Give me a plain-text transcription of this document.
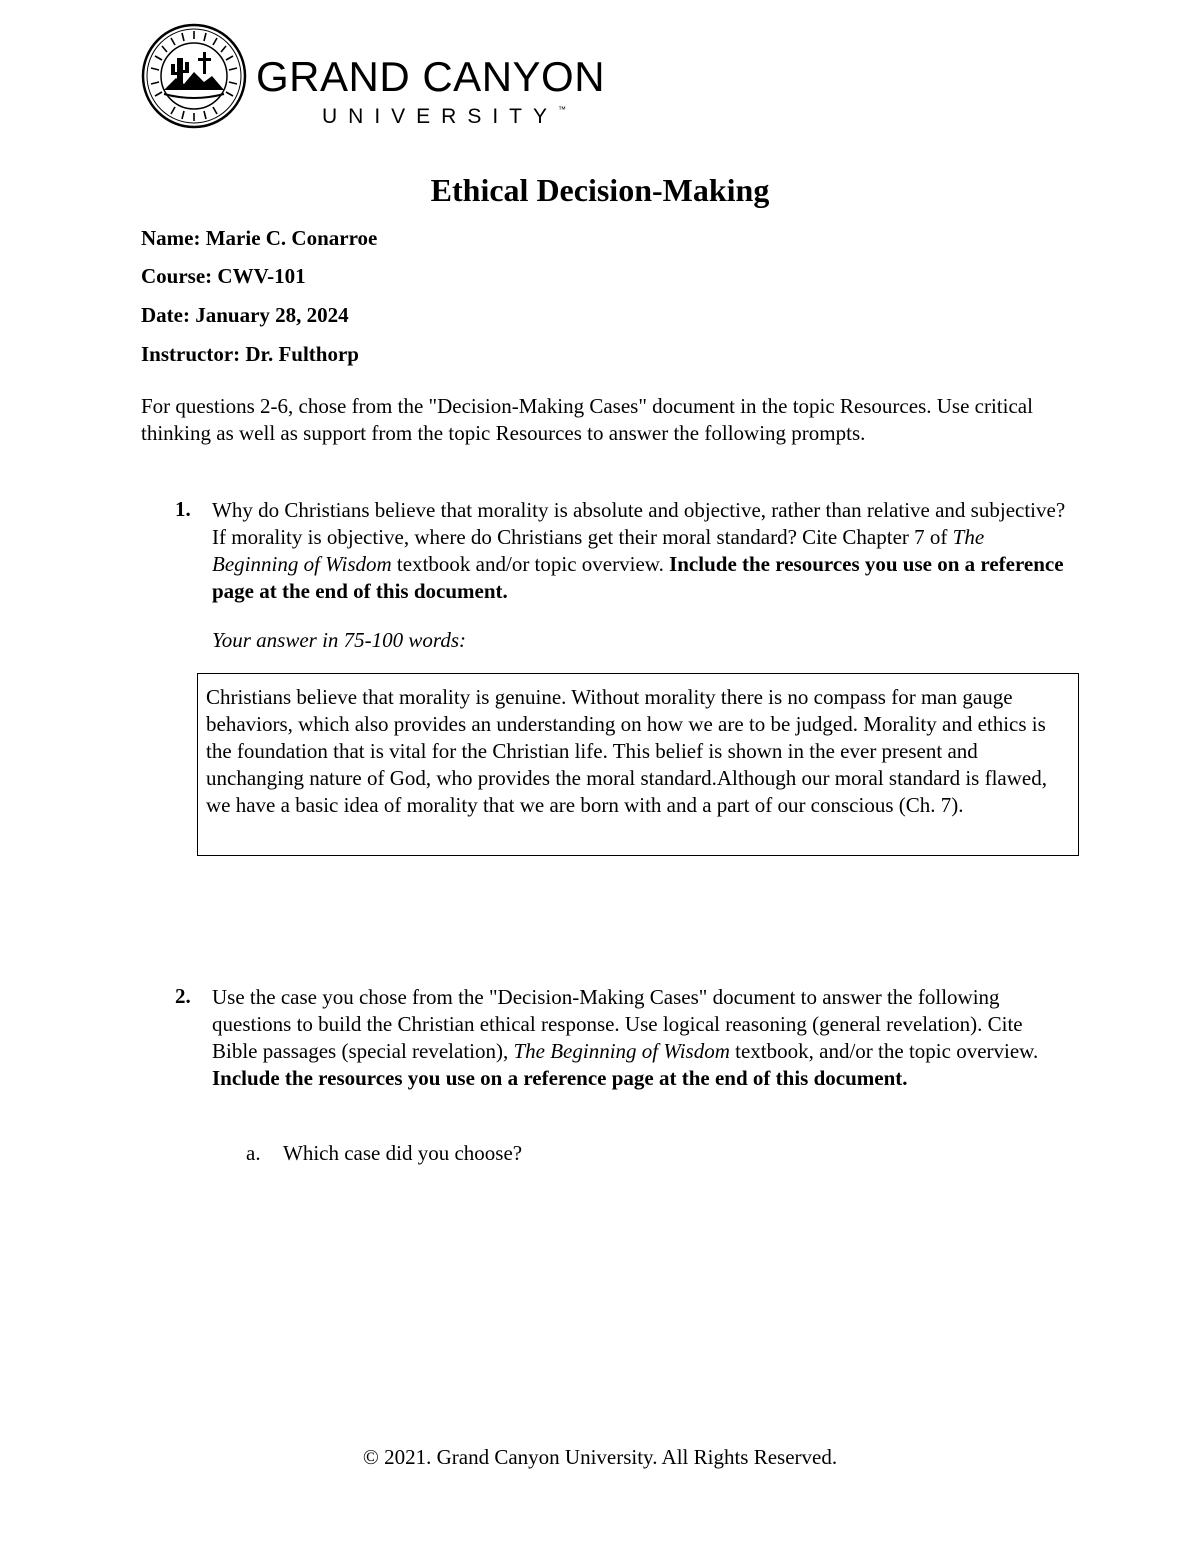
GRAND CANYON
UNIVERSITY™
Ethical Decision-Making
Name: Marie C. Conarroe
Course: CWV-101
Date: January 28, 2024
Instructor: Dr. Fulthorp
For questions 2-6, chose from the "Decision-Making Cases" document in the topic Resources. Use critical thinking as well as support from the topic Resources to answer the following prompts.
1. Why do Christians believe that morality is absolute and objective, rather than relative and subjective? If morality is objective, where do Christians get their moral standard? Cite Chapter 7 of The Beginning of Wisdom textbook and/or topic overview. Include the resources you use on a reference page at the end of this document.
Your answer in 75-100 words:
Christians believe that morality is genuine. Without morality there is no compass for man gauge behaviors, which also provides an understanding on how we are to be judged. Morality and ethics is the foundation that is vital for the Christian life. This belief is shown in the ever present and unchanging nature of God, who provides the moral standard.Although our moral standard is flawed, we have a basic idea of morality that we are born with and a part of our conscious (Ch. 7).
2. Use the case you chose from the "Decision-Making Cases" document to answer the following questions to build the Christian ethical response. Use logical reasoning (general revelation). Cite Bible passages (special revelation), The Beginning of Wisdom textbook, and/or the topic overview. Include the resources you use on a reference page at the end of this document.
a. Which case did you choose?
© 2021. Grand Canyon University. All Rights Reserved.
